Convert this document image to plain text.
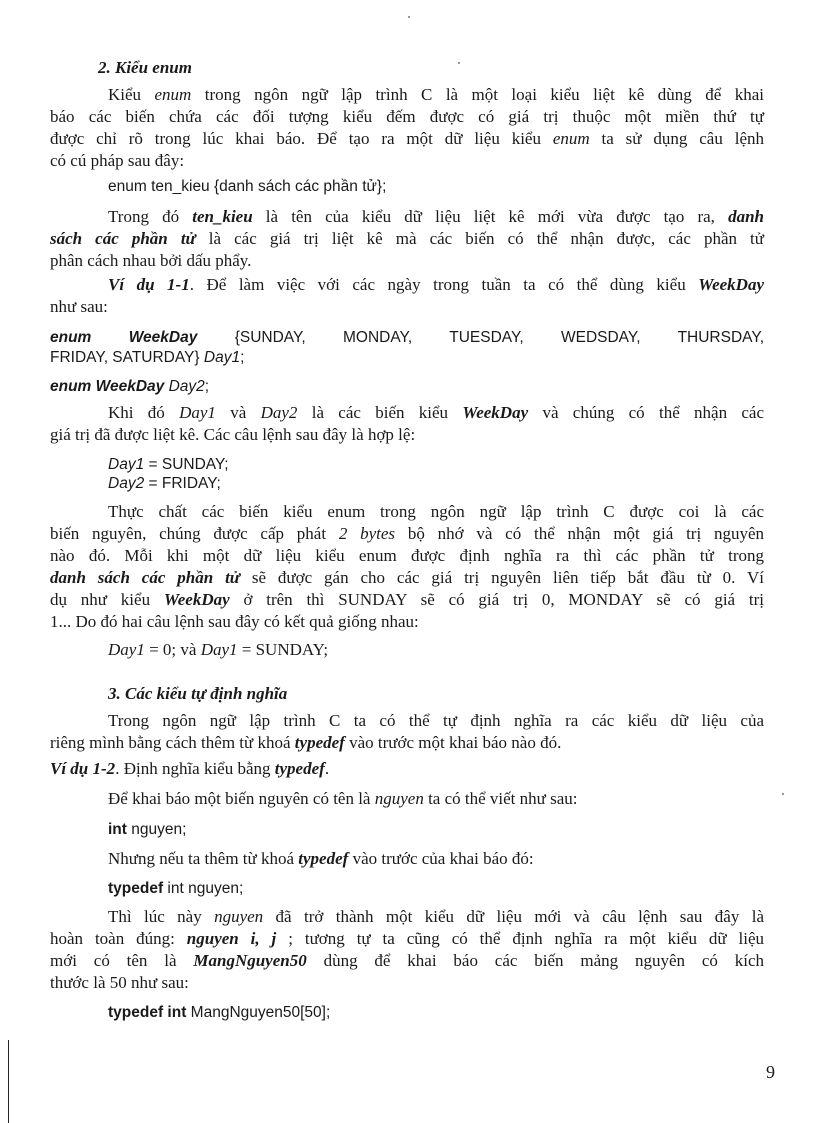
2. Kiểu enum
Kiểu enum trong ngôn ngữ lập trình C là một loại kiểu liệt kê dùng để khai
báo các biến chứa các đối tượng kiểu đếm được có giá trị thuộc một miền thứ tự
được chỉ rõ trong lúc khai báo. Để tạo ra một dữ liệu kiểu enum ta sử dụng câu lệnh
có cú pháp sau đây:
enum ten_kieu {danh sách các phần tử};
Trong đó ten_kieu là tên của kiểu dữ liệu liệt kê mới vừa được tạo ra, danh
sách các phần tử là các giá trị liệt kê mà các biến có thể nhận được, các phần tử
phân cách nhau bởi dấu phẩy.
Ví dụ 1-1. Để làm việc với các ngày trong tuần ta có thể dùng kiểu WeekDay
như sau:
enum WeekDay {SUNDAY, MONDAY, TUESDAY, WEDSDAY, THURSDAY,
FRIDAY, SATURDAY} Day1;
enum WeekDay Day2;
Khi đó Day1 và Day2 là các biến kiểu WeekDay và chúng có thể nhận các
giá trị đã được liệt kê. Các câu lệnh sau đây là hợp lệ:
Day1 = SUNDAY;
Day2 = FRIDAY;
Thực chất các biến kiểu enum trong ngôn ngữ lập trình C được coi là các
biến nguyên, chúng được cấp phát 2 bytes bộ nhớ và có thể nhận một giá trị nguyên
nào đó. Mỗi khi một dữ liệu kiểu enum được định nghĩa ra thì các phần tử trong
danh sách các phần tử sẽ được gán cho các giá trị nguyên liên tiếp bắt đầu từ 0. Ví
dụ như kiểu WeekDay ở trên thì SUNDAY sẽ có giá trị 0, MONDAY sẽ có giá trị
1... Do đó hai câu lệnh sau đây có kết quả giống nhau:
Day1 = 0; và Day1 = SUNDAY;
3. Các kiểu tự định nghĩa
Trong ngôn ngữ lập trình C ta có thể tự định nghĩa ra các kiểu dữ liệu của
riêng mình bằng cách thêm từ khoá typedef vào trước một khai báo nào đó.
Ví dụ 1-2. Định nghĩa kiểu bằng typedef.
Để khai báo một biến nguyên có tên là nguyen ta có thể viết như sau:
int nguyen;
Nhưng nếu ta thêm từ khoá typedef vào trước của khai báo đó:
typedef int nguyen;
Thì lúc này nguyen đã trở thành một kiểu dữ liệu mới và câu lệnh sau đây là
hoàn toàn đúng: nguyen i, j ; tương tự ta cũng có thể định nghĩa ra một kiểu dữ liệu
mới có tên là MangNguyen50 dùng để khai báo các biến mảng nguyên có kích
thước là 50 như sau:
typedef int MangNguyen50[50];
9
